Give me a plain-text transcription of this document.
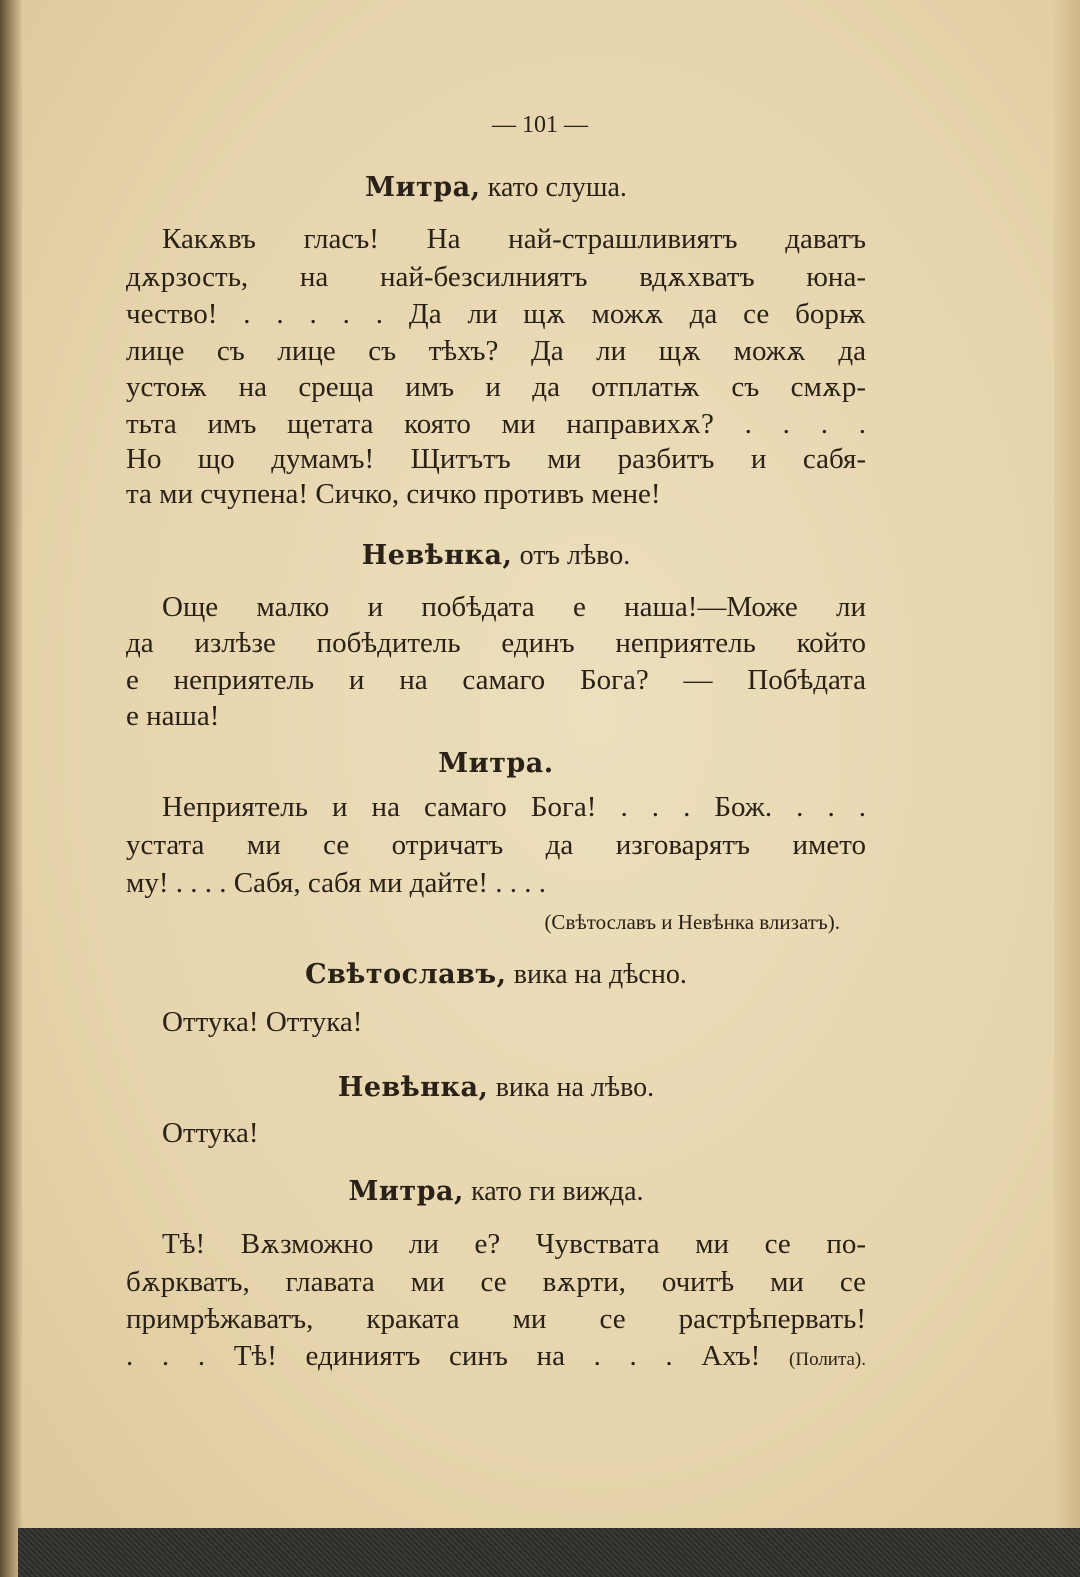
— 101 —
Митра, като слуша.
Какѫвъ гласъ! На най-страшливиятъ даватъ
дѫрзость, на най-безсилниятъ вдѫхватъ юна-
чество! . . . . . Да ли щѫ можѫ да се борѭ
лице съ лице съ тѣхъ? Да ли щѫ можѫ да
устоѭ на среща имъ и да отплатѭ съ смѫр-
тьта имъ щетата която ми направихѫ? . . . .
Но що думамъ! Щитътъ ми разбитъ и сабя-
та ми счупена! Сичко, сичко противъ мене!
Невѣнка, отъ лѣво.
Още малко и побѣдата е наша!—Може ли
да излѣзе побѣдитель единъ неприятель който
е неприятель и на самаго Бога? — Побѣдата
е наша!
Митра.
Неприятель и на самаго Бога! . . . Бож. . . .
устата ми се отричатъ да изговарятъ името
му! . . . . Сабя, сабя ми дайте! . . . .
(Свѣтославъ и Невѣнка влизатъ).
Свѣтославъ, вика на дѣсно.
Оттука! Оттука!
Невѣнка, вика на лѣво.
Оттука!
Митра, като ги вижда.
Тѣ! Вѫзможно ли е? Чувствата ми се по-
бѫркватъ, главата ми се вѫрти, очитѣ ми се
примрѣжаватъ, краката ми се растрѣпервать!
. . . Тѣ! единиятъ синъ на . . . Ахъ! (Полита).
